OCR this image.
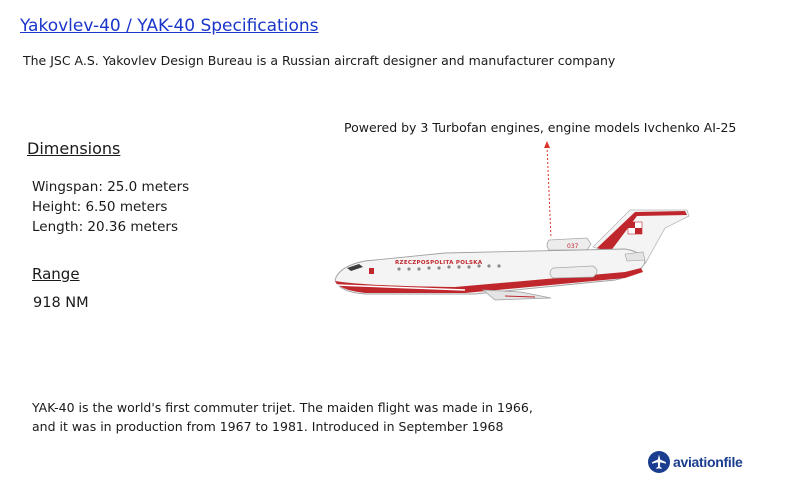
Yakovlev-40 / YAK-40 Specifications
The JSC A.S. Yakovlev Design Bureau is a Russian aircraft designer and manufacturer company
Powered by 3 Turbofan engines, engine models Ivchenko AI-25
Dimensions
Wingspan: 25.0 meters
Height: 6.50 meters
Length: 20.36 meters
Range
918 NM
YAK-40 is the world's first commuter trijet. The maiden flight was made in 1966,
and it was in production from 1967 to 1981. Introduced in September 1968
037
RZECZPOSPOLITA POLSKA
aviationfile
